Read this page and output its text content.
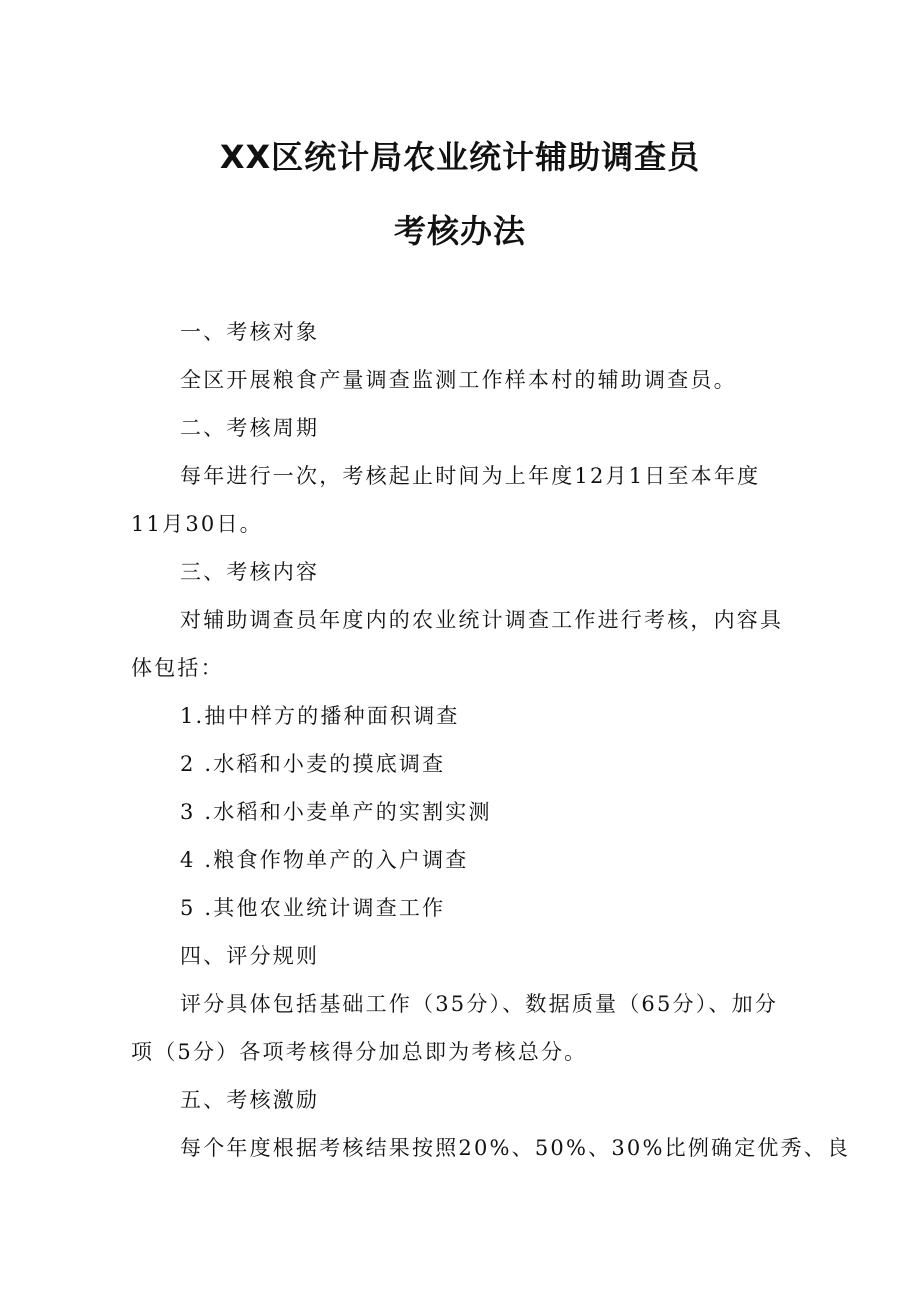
XX区统计局农业统计辅助调查员
考核办法
一、考核对象
全区开展粮食产量调查监测工作样本村的辅助调查员。
二、考核周期
每年进行一次，考核起止时间为上年度12月1日至本年度
11月30日。
三、考核内容
对辅助调查员年度内的农业统计调查工作进行考核，内容具
体包括：
1.抽中样方的播种面积调查
2 .水稻和小麦的摸底调查
3 .水稻和小麦单产的实割实测
4 .粮食作物单产的入户调查
5 .其他农业统计调查工作
四、评分规则
评分具体包括基础工作（35分）、数据质量（65分）、加分
项（5分）各项考核得分加总即为考核总分。
五、考核激励
每个年度根据考核结果按照20%、50%、30%比例确定优秀、良
